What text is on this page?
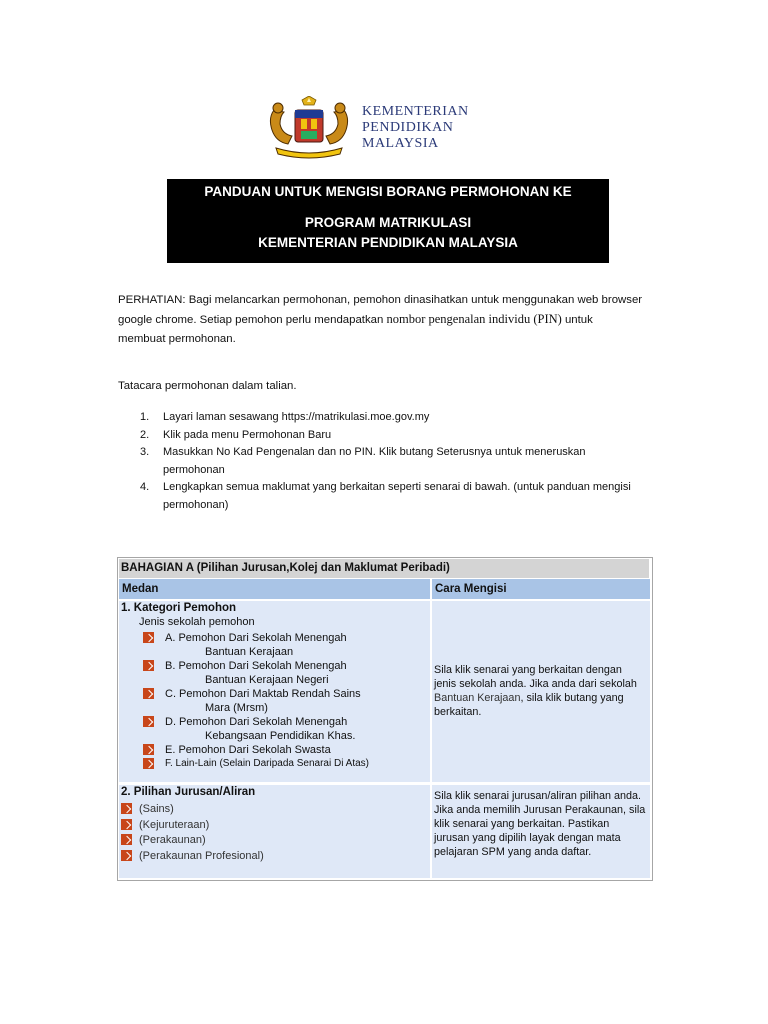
KEMENTERIAN
PENDIDIKAN
MALAYSIA
PANDUAN UNTUK MENGISI BORANG PERMOHONAN KE
PROGRAM MATRIKULASI
KEMENTERIAN PENDIDIKAN MALAYSIA
PERHATIAN: Bagi melancarkan permohonan, pemohon dinasihatkan untuk menggunakan web browser google chrome. Setiap pemohon perlu mendapatkan nombor pengenalan individu (PIN) untuk membuat permohonan.
Tatacara permohonan dalam talian.
1. Layari laman sesawang https://matrikulasi.moe.gov.my
2. Klik pada menu Permohonan Baru
3. Masukkan No Kad Pengenalan dan no PIN. Klik butang Seterusnya untuk meneruskan permohonan
4. Lengkapkan semua maklumat yang berkaitan seperti senarai di bawah. (untuk panduan mengisi permohonan)
BAHAGIAN A (Pilihan Jurusan,Kolej dan Maklumat Peribadi)
Medan	Cara Mengisi
1. Kategori Pemohon
Jenis sekolah pemohon
A. Pemohon Dari Sekolah Menengah
Bantuan Kerajaan
B. Pemohon Dari Sekolah Menengah
Bantuan Kerajaan Negeri
C. Pemohon Dari Maktab Rendah Sains
Mara (Mrsm)
D. Pemohon Dari Sekolah Menengah
Kebangsaan Pendidikan Khas.
E. Pemohon Dari Sekolah Swasta
F. Lain-Lain (Selain Daripada Senarai Di Atas)
Sila klik senarai yang berkaitan dengan jenis sekolah anda. Jika anda dari sekolah Bantuan Kerajaan, sila klik butang yang berkaitan.
2. Pilihan Jurusan/Aliran
(Sains)
(Kejuruteraan)
(Perakaunan)
(Perakaunan Profesional)
Sila klik senarai jurusan/aliran pilihan anda. Jika anda memilih Jurusan Perakaunan, sila klik senarai yang berkaitan. Pastikan jurusan yang dipilih layak dengan mata pelajaran SPM yang anda daftar.
